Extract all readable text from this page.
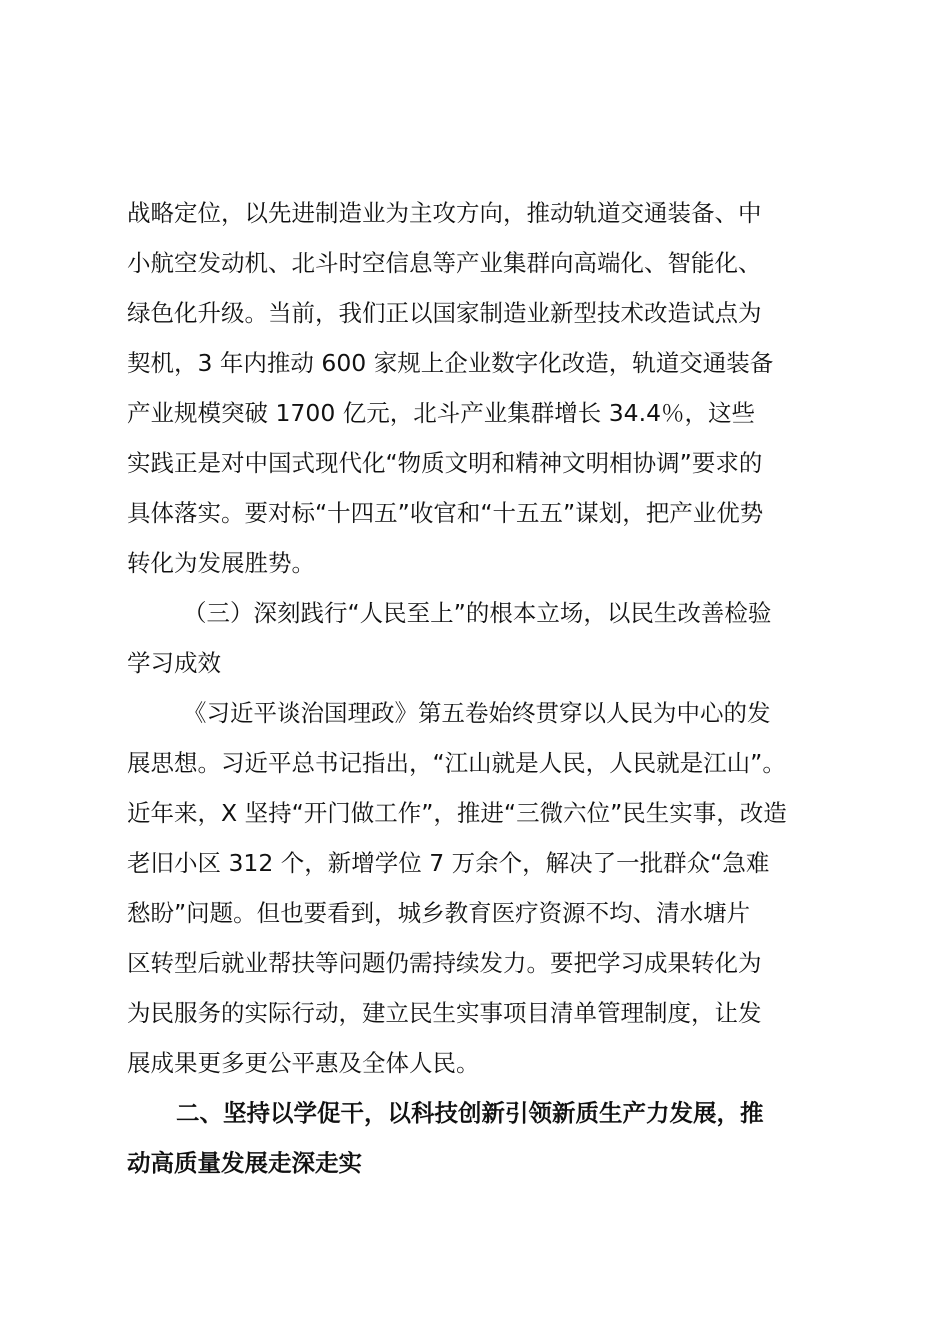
战略定位，以先进制造业为主攻方向，推动轨道交通装备、中
小航空发动机、北斗时空信息等产业集群向高端化、智能化、
绿色化升级。当前，我们正以国家制造业新型技术改造试点为
契机，3 年内推动 600 家规上企业数字化改造，轨道交通装备
产业规模突破 1700 亿元，北斗产业集群增长 34.4％，这些
实践正是对中国式现代化“物质文明和精神文明相协调”要求的
具体落实。要对标“十四五”收官和“十五五”谋划，把产业优势
转化为发展胜势。
（三）深刻践行“人民至上”的根本立场，以民生改善检验
学习成效
《习近平谈治国理政》第五卷始终贯穿以人民为中心的发
展思想。习近平总书记指出，“江山就是人民，人民就是江山”。
近年来，X 坚持“开门做工作”，推进“三微六位”民生实事，改造
老旧小区 312 个，新增学位 7 万余个，解决了一批群众“急难
愁盼”问题。但也要看到，城乡教育医疗资源不均、清水塘片
区转型后就业帮扶等问题仍需持续发力。要把学习成果转化为
为民服务的实际行动，建立民生实事项目清单管理制度，让发
展成果更多更公平惠及全体人民。
二、坚持以学促干，以科技创新引领新质生产力发展，推
动高质量发展走深走实
